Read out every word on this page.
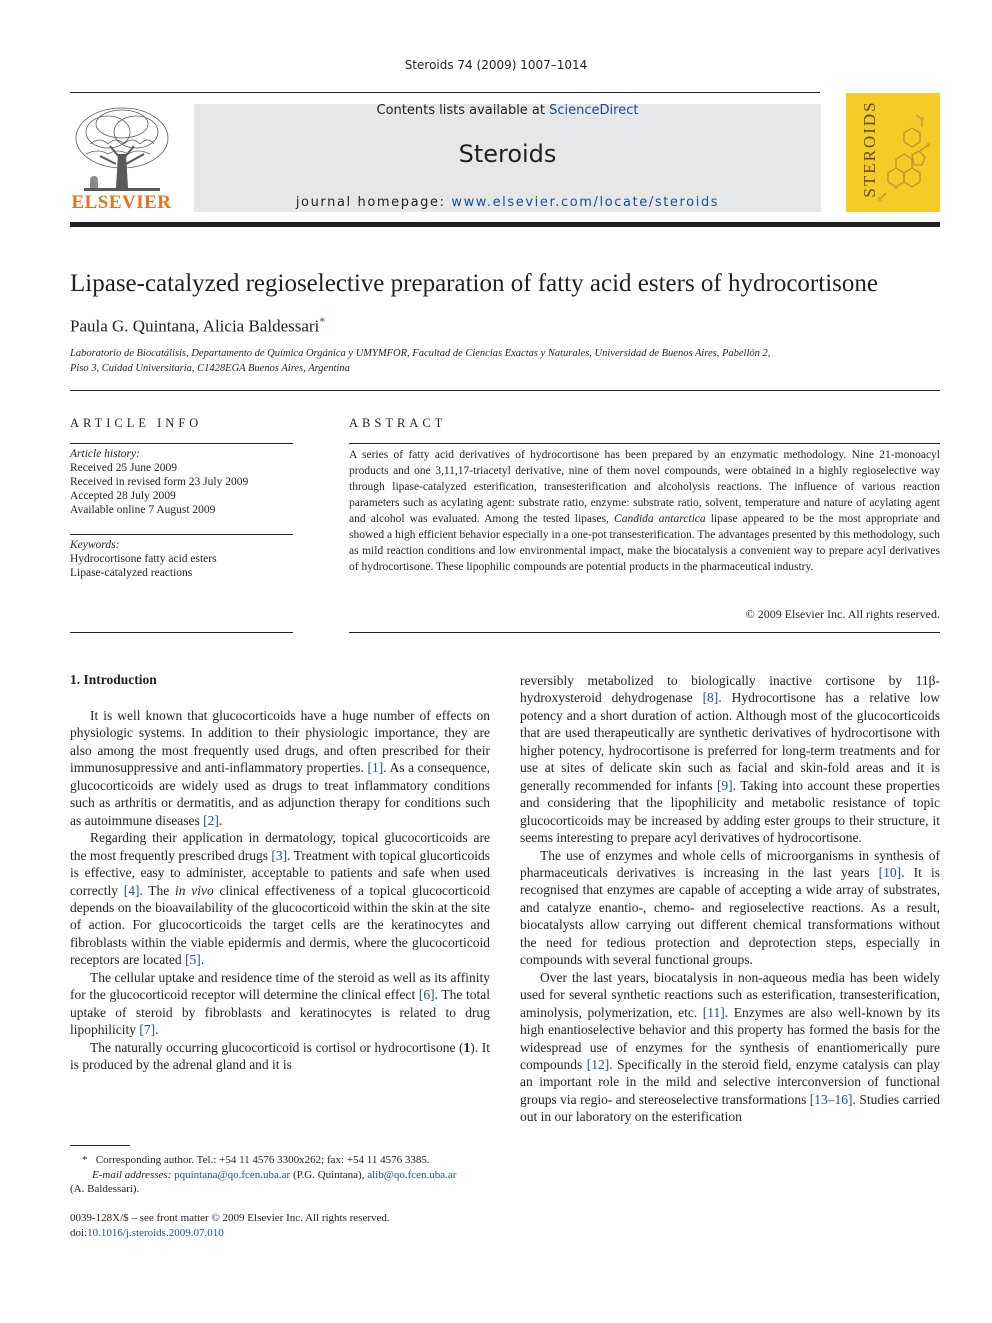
Steroids 74 (2009) 1007–1014
ELSEVIER
Contents lists available at ScienceDirect
Steroids
journal homepage: www.elsevier.com/locate/steroids
STEROIDS
Lipase-catalyzed regioselective preparation of fatty acid esters of hydrocortisone
Paula G. Quintana, Alicia Baldessari*
Laboratorio de Biocatálisis, Departamento de Química Orgánica y UMYMFOR, Facultad de Ciencias Exactas y Naturales, Universidad de Buenos Aires, Pabellón 2,
Piso 3, Cuidad Universitaria, C1428EGA Buenos Aires, Argentina
ARTICLE INFO
Article history:
Received 25 June 2009
Received in revised form 23 July 2009
Accepted 28 July 2009
Available online 7 August 2009
Keywords:
Hydrocortisone fatty acid esters
Lipase-catalyzed reactions
ABSTRACT
A series of fatty acid derivatives of hydrocortisone has been prepared by an enzymatic methodology. Nine 21-monoacyl products and one 3,11,17-triacetyl derivative, nine of them novel compounds, were obtained in a highly regioselective way through lipase-catalyzed esterification, transesterification and alcoholysis reactions. The influence of various reaction parameters such as acylating agent: substrate ratio, enzyme: substrate ratio, solvent, temperature and nature of acylating agent and alcohol was evaluated. Among the tested lipases, Candida antarctica lipase appeared to be the most appropriate and showed a high efficient behavior especially in a one-pot transesterification. The advantages presented by this methodology, such as mild reaction conditions and low environmental impact, make the biocatalysis a convenient way to prepare acyl derivatives of hydrocortisone. These lipophilic compounds are potential products in the pharmaceutical industry.
© 2009 Elsevier Inc. All rights reserved.
1. Introduction

It is well known that glucocorticoids have a huge number of effects on physiologic systems. In addition to their physiologic importance, they are also among the most frequently used drugs, and often prescribed for their immunosuppressive and anti-inflammatory properties. [1]. As a consequence, glucocorticoids are widely used as drugs to treat inflammatory conditions such as arthritis or dermatitis, and as adjunction therapy for conditions such as autoimmune diseases [2].

Regarding their application in dermatology, topical glucocorticoids are the most frequently prescribed drugs [3]. Treatment with topical glucorticoids is effective, easy to administer, acceptable to patients and safe when used correctly [4]. The in vivo clinical effectiveness of a topical glucocorticoid depends on the bioavailability of the glucocorticoid within the skin at the site of action. For glucocorticoids the target cells are the keratinocytes and fibroblasts within the viable epidermis and dermis, where the glucocorticoid receptors are located [5].

The cellular uptake and residence time of the steroid as well as its affinity for the glucocorticoid receptor will determine the clinical effect [6]. The total uptake of steroid by fibroblasts and keratinocytes is related to drug lipophilicity [7].

The naturally occurring glucocorticoid is cortisol or hydrocortisone (1). It is produced by the adrenal gland and it is

reversibly metabolized to biologically inactive cortisone by 11β-hydroxysteroid dehydrogenase [8]. Hydrocortisone has a relative low potency and a short duration of action. Although most of the glucocorticoids that are used therapeutically are synthetic derivatives of hydrocortisone with higher potency, hydrocortisone is preferred for long-term treatments and for use at sites of delicate skin such as facial and skin-fold areas and it is generally recommended for infants [9]. Taking into account these properties and considering that the lipophilicity and metabolic resistance of topic glucocorticoids may be increased by adding ester groups to their structure, it seems interesting to prepare acyl derivatives of hydrocortisone.

The use of enzymes and whole cells of microorganisms in synthesis of pharmaceuticals derivatives is increasing in the last years [10]. It is recognised that enzymes are capable of accepting a wide array of substrates, and catalyze enantio-, chemo- and regioselective reactions. As a result, biocatalysts allow carrying out different chemical transformations without the need for tedious protection and deprotection steps, especially in compounds with several functional groups.

Over the last years, biocatalysis in non-aqueous media has been widely used for several synthetic reactions such as esterification, transesterification, aminolysis, polymerization, etc. [11]. Enzymes are also well-known by its high enantioselective behavior and this property has formed the basis for the widespread use of enzymes for the synthesis of enantiomerically pure compounds [12]. Specifically in the steroid field, enzyme catalysis can play an important role in the mild and selective interconversion of functional groups via regio- and stereoselective transformations [13–16]. Studies carried out in our laboratory on the esterification

* Corresponding author. Tel.: +54 11 4576 3300x262; fax: +54 11 4576 3385.
E-mail addresses: pquintana@qo.fcen.uba.ar (P.G. Quintana), alib@qo.fcen.uba.ar
(A. Baldessari).
0039-128X/$ – see front matter © 2009 Elsevier Inc. All rights reserved.
doi:10.1016/j.steroids.2009.07.010
